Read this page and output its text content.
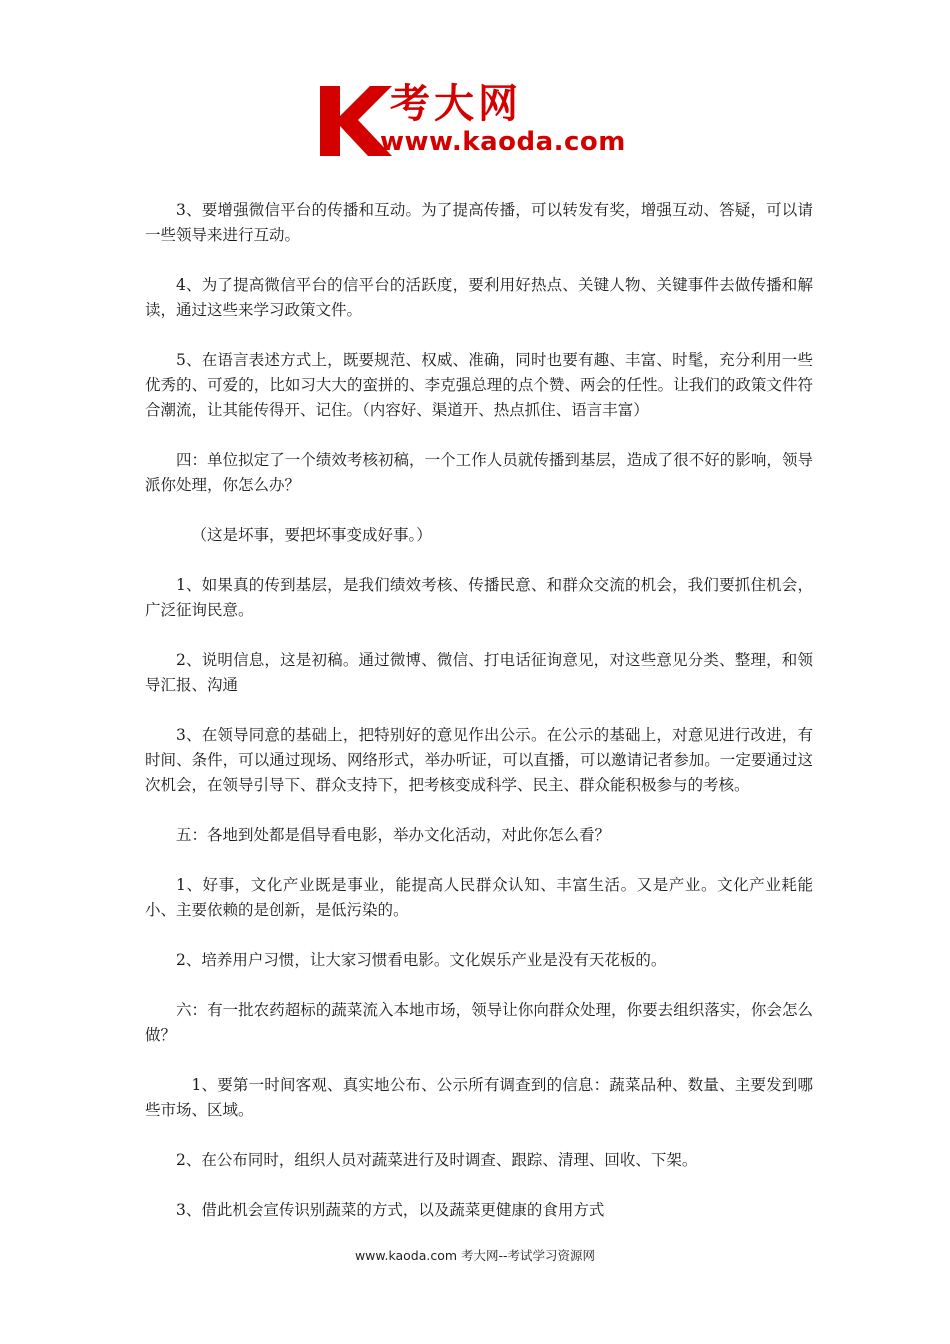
考大网
www.kaoda.com

3、要增强微信平台的传播和互动。为了提高传播，可以转发有奖，增强互动、答疑，可以请一些领导来进行互动。

4、为了提高微信平台的信平台的活跃度，要利用好热点、关键人物、关键事件去做传播和解读，通过这些来学习政策文件。

5、在语言表述方式上，既要规范、权威、准确，同时也要有趣、丰富、时髦，充分利用一些优秀的、可爱的，比如习大大的蛮拼的、李克强总理的点个赞、两会的任性。让我们的政策文件符合潮流，让其能传得开、记住。（内容好、渠道开、热点抓住、语言丰富）

四：单位拟定了一个绩效考核初稿，一个工作人员就传播到基层，造成了很不好的影响，领导派你处理，你怎么办？

（这是坏事，要把坏事变成好事。）

1、如果真的传到基层，是我们绩效考核、传播民意、和群众交流的机会，我们要抓住机会，广泛征询民意。

2、说明信息，这是初稿。通过微博、微信、打电话征询意见，对这些意见分类、整理，和领导汇报、沟通

3、在领导同意的基础上，把特别好的意见作出公示。在公示的基础上，对意见进行改进，有时间、条件，可以通过现场、网络形式，举办听证，可以直播，可以邀请记者参加。一定要通过这次机会，在领导引导下、群众支持下，把考核变成科学、民主、群众能积极参与的考核。

五：各地到处都是倡导看电影，举办文化活动，对此你怎么看？

1、好事，文化产业既是事业，能提高人民群众认知、丰富生活。又是产业。文化产业耗能小、主要依赖的是创新，是低污染的。

2、培养用户习惯，让大家习惯看电影。文化娱乐产业是没有天花板的。

六：有一批农药超标的蔬菜流入本地市场，领导让你向群众处理，你要去组织落实，你会怎么做？

1、要第一时间客观、真实地公布、公示所有调查到的信息：蔬菜品种、数量、主要发到哪些市场、区域。

2、在公布同时，组织人员对蔬菜进行及时调查、跟踪、清理、回收、下架。

3、借此机会宣传识别蔬菜的方式，以及蔬菜更健康的食用方式

www.kaoda.com 考大网--考试学习资源网
